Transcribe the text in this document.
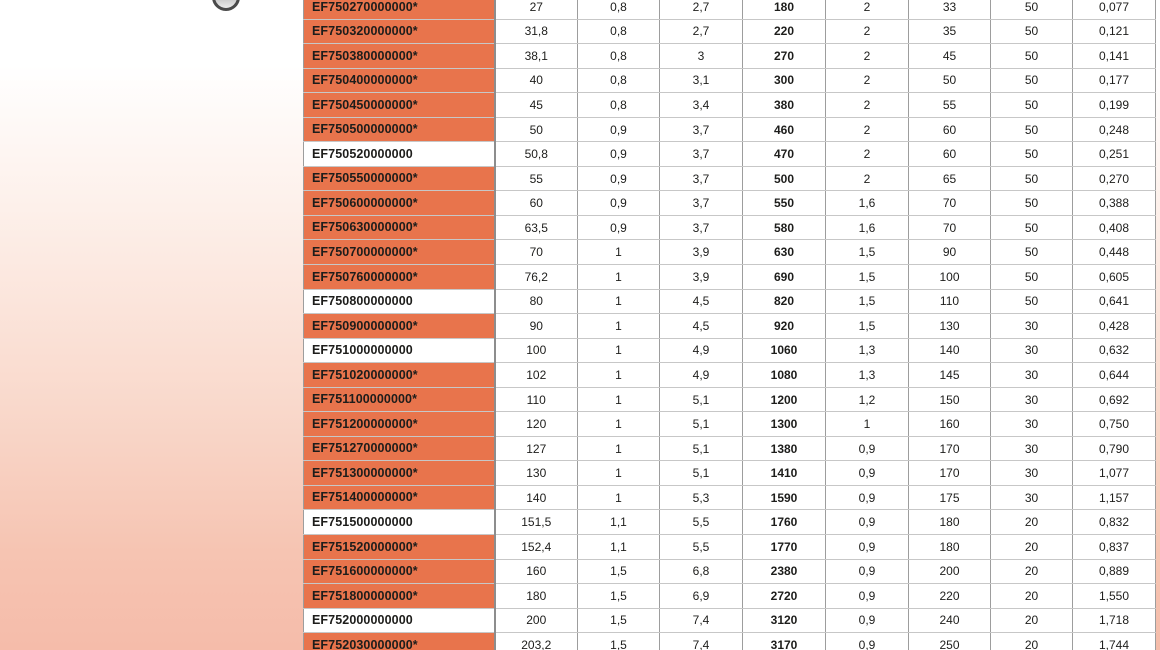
EF750270000000*	27	0,8	2,7	180	2	33	50	0,077
EF750320000000*	31,8	0,8	2,7	220	2	35	50	0,121
EF750380000000*	38,1	0,8	3	270	2	45	50	0,141
EF750400000000*	40	0,8	3,1	300	2	50	50	0,177
EF750450000000*	45	0,8	3,4	380	2	55	50	0,199
EF750500000000*	50	0,9	3,7	460	2	60	50	0,248
EF750520000000	50,8	0,9	3,7	470	2	60	50	0,251
EF750550000000*	55	0,9	3,7	500	2	65	50	0,270
EF750600000000*	60	0,9	3,7	550	1,6	70	50	0,388
EF750630000000*	63,5	0,9	3,7	580	1,6	70	50	0,408
EF750700000000*	70	1	3,9	630	1,5	90	50	0,448
EF750760000000*	76,2	1	3,9	690	1,5	100	50	0,605
EF750800000000	80	1	4,5	820	1,5	110	50	0,641
EF750900000000*	90	1	4,5	920	1,5	130	30	0,428
EF751000000000	100	1	4,9	1060	1,3	140	30	0,632
EF751020000000*	102	1	4,9	1080	1,3	145	30	0,644
EF751100000000*	110	1	5,1	1200	1,2	150	30	0,692
EF751200000000*	120	1	5,1	1300	1	160	30	0,750
EF751270000000*	127	1	5,1	1380	0,9	170	30	0,790
EF751300000000*	130	1	5,1	1410	0,9	170	30	1,077
EF751400000000*	140	1	5,3	1590	0,9	175	30	1,157
EF751500000000	151,5	1,1	5,5	1760	0,9	180	20	0,832
EF751520000000*	152,4	1,1	5,5	1770	0,9	180	20	0,837
EF751600000000*	160	1,5	6,8	2380	0,9	200	20	0,889
EF751800000000*	180	1,5	6,9	2720	0,9	220	20	1,550
EF752000000000	200	1,5	7,4	3120	0,9	240	20	1,718
EF752030000000*	203,2	1,5	7,4	3170	0,9	250	20	1,744
